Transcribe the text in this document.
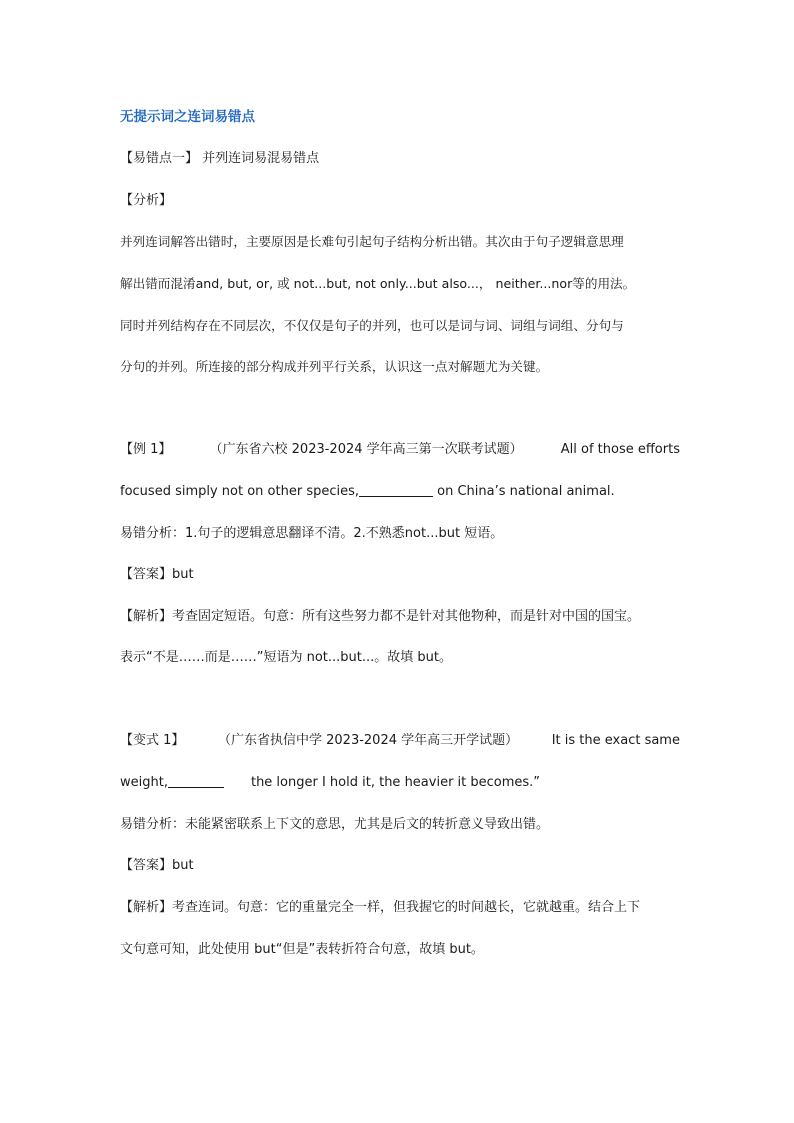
无提示词之连词易错点
【易错点一】 并列连词易混易错点
【分析】
并列连词解答出错时，主要原因是长难句引起句子结构分析出错。其次由于句子逻辑意思理
解出错而混淆and, but, or, 或 not...but, not only...but also...， neither...nor等的用法。
同时并列结构存在不同层次，不仅仅是句子的并列，也可以是词与词、词组与词组、分句与
分句的并列。所连接的部分构成并列平行关系，认识这一点对解题尤为关键。
【例 1】	（广东省六校 2023-2024 学年高三第一次联考试题）	All of those efforts
focused simply not on other species,	on China’s national animal.
易错分析：1.句子的逻辑意思翻译不清。2.不熟悉not...but 短语。
【答案】but
【解析】考查固定短语。句意：所有这些努力都不是针对其他物种，而是针对中国的国宝。
表示“不是……而是……”短语为 not...but...。故填 but。
【变式 1】	（广东省执信中学 2023-2024 学年高三开学试题）	It is the exact same
weight,	the longer I hold it, the heavier it becomes.”
易错分析：未能紧密联系上下文的意思，尤其是后文的转折意义导致出错。
【答案】but
【解析】考查连词。句意：它的重量完全一样，但我握它的时间越长，它就越重。结合上下
文句意可知，此处使用 but“但是”表转折符合句意，故填 but。
